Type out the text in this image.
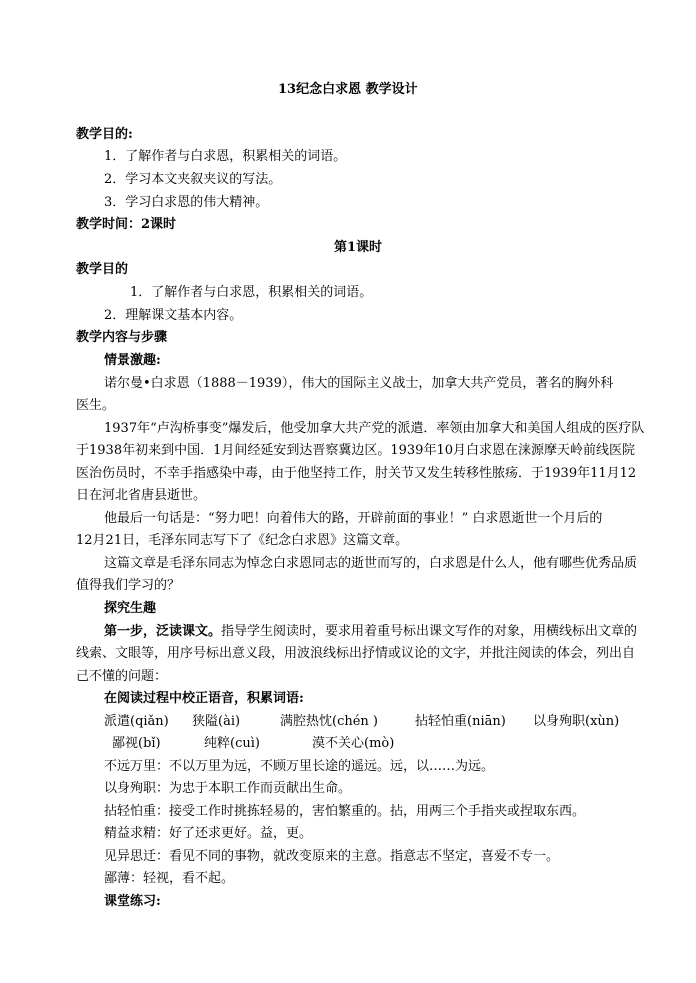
13纪念白求恩 教学设计
教学目的:
1．了解作者与白求恩，积累相关的词语。
2．学习本文夹叙夹议的写法。
3．学习白求恩的伟大精神。
教学时间：2课时
第1课时
教学目的
1．了解作者与白求恩，积累相关的词语。
2．理解课文基本内容。
教学内容与步骤
情景激趣:
诺尔曼•白求恩（1888－1939），伟大的国际主义战士，加拿大共产党员，著名的胸外科
医生。
1937年“卢沟桥事变”爆发后，他受加拿大共产党的派遣．率领由加拿大和美国人组成的医疗队
于1938年初来到中国．1月间经延安到达晋察冀边区。1939年10月白求恩在涞源摩天岭前线医院
医治伤员时，不幸手指感染中毒，由于他坚持工作，肘关节又发生转移性脓疡．于1939年11月12
日在河北省唐县逝世。
他最后一句话是：“努力吧！向着伟大的路，开辟前面的事业！” 白求恩逝世一个月后的
12月21日，毛泽东同志写下了《纪念白求恩》这篇文章。
这篇文章是毛泽东同志为悼念白求恩同志的逝世而写的，白求恩是什么人，他有哪些优秀品质
值得我们学习的？
探究生趣
第一步，泛读课文。指导学生阅读时，要求用着重号标出课文写作的对象，用横线标出文章的
线索、文眼等，用序号标出意义段，用波浪线标出抒情或议论的文字，并批注阅读的体会，列出自
己不懂的问题：
在阅读过程中校正语音，积累词语:
派遣(qiǎn) 狭隘(ài)	满腔热忱(chén )	拈轻怕重(niān) 以身殉职(xùn)
鄙视(bǐ)	纯粹(cuì)	漠不关心(mò)
不远万里：不以万里为远，不顾万里长途的遥远。远，以……为远。
以身殉职：为忠于本职工作而贡献出生命。
拈轻怕重：接受工作时挑拣轻易的，害怕繁重的。拈，用两三个手指夹或捏取东西。
精益求精：好了还求更好。益，更。
见异思迁：看见不同的事物，就改变原来的主意。指意志不坚定，喜爱不专一。
鄙薄：轻视，看不起。
课堂练习:
